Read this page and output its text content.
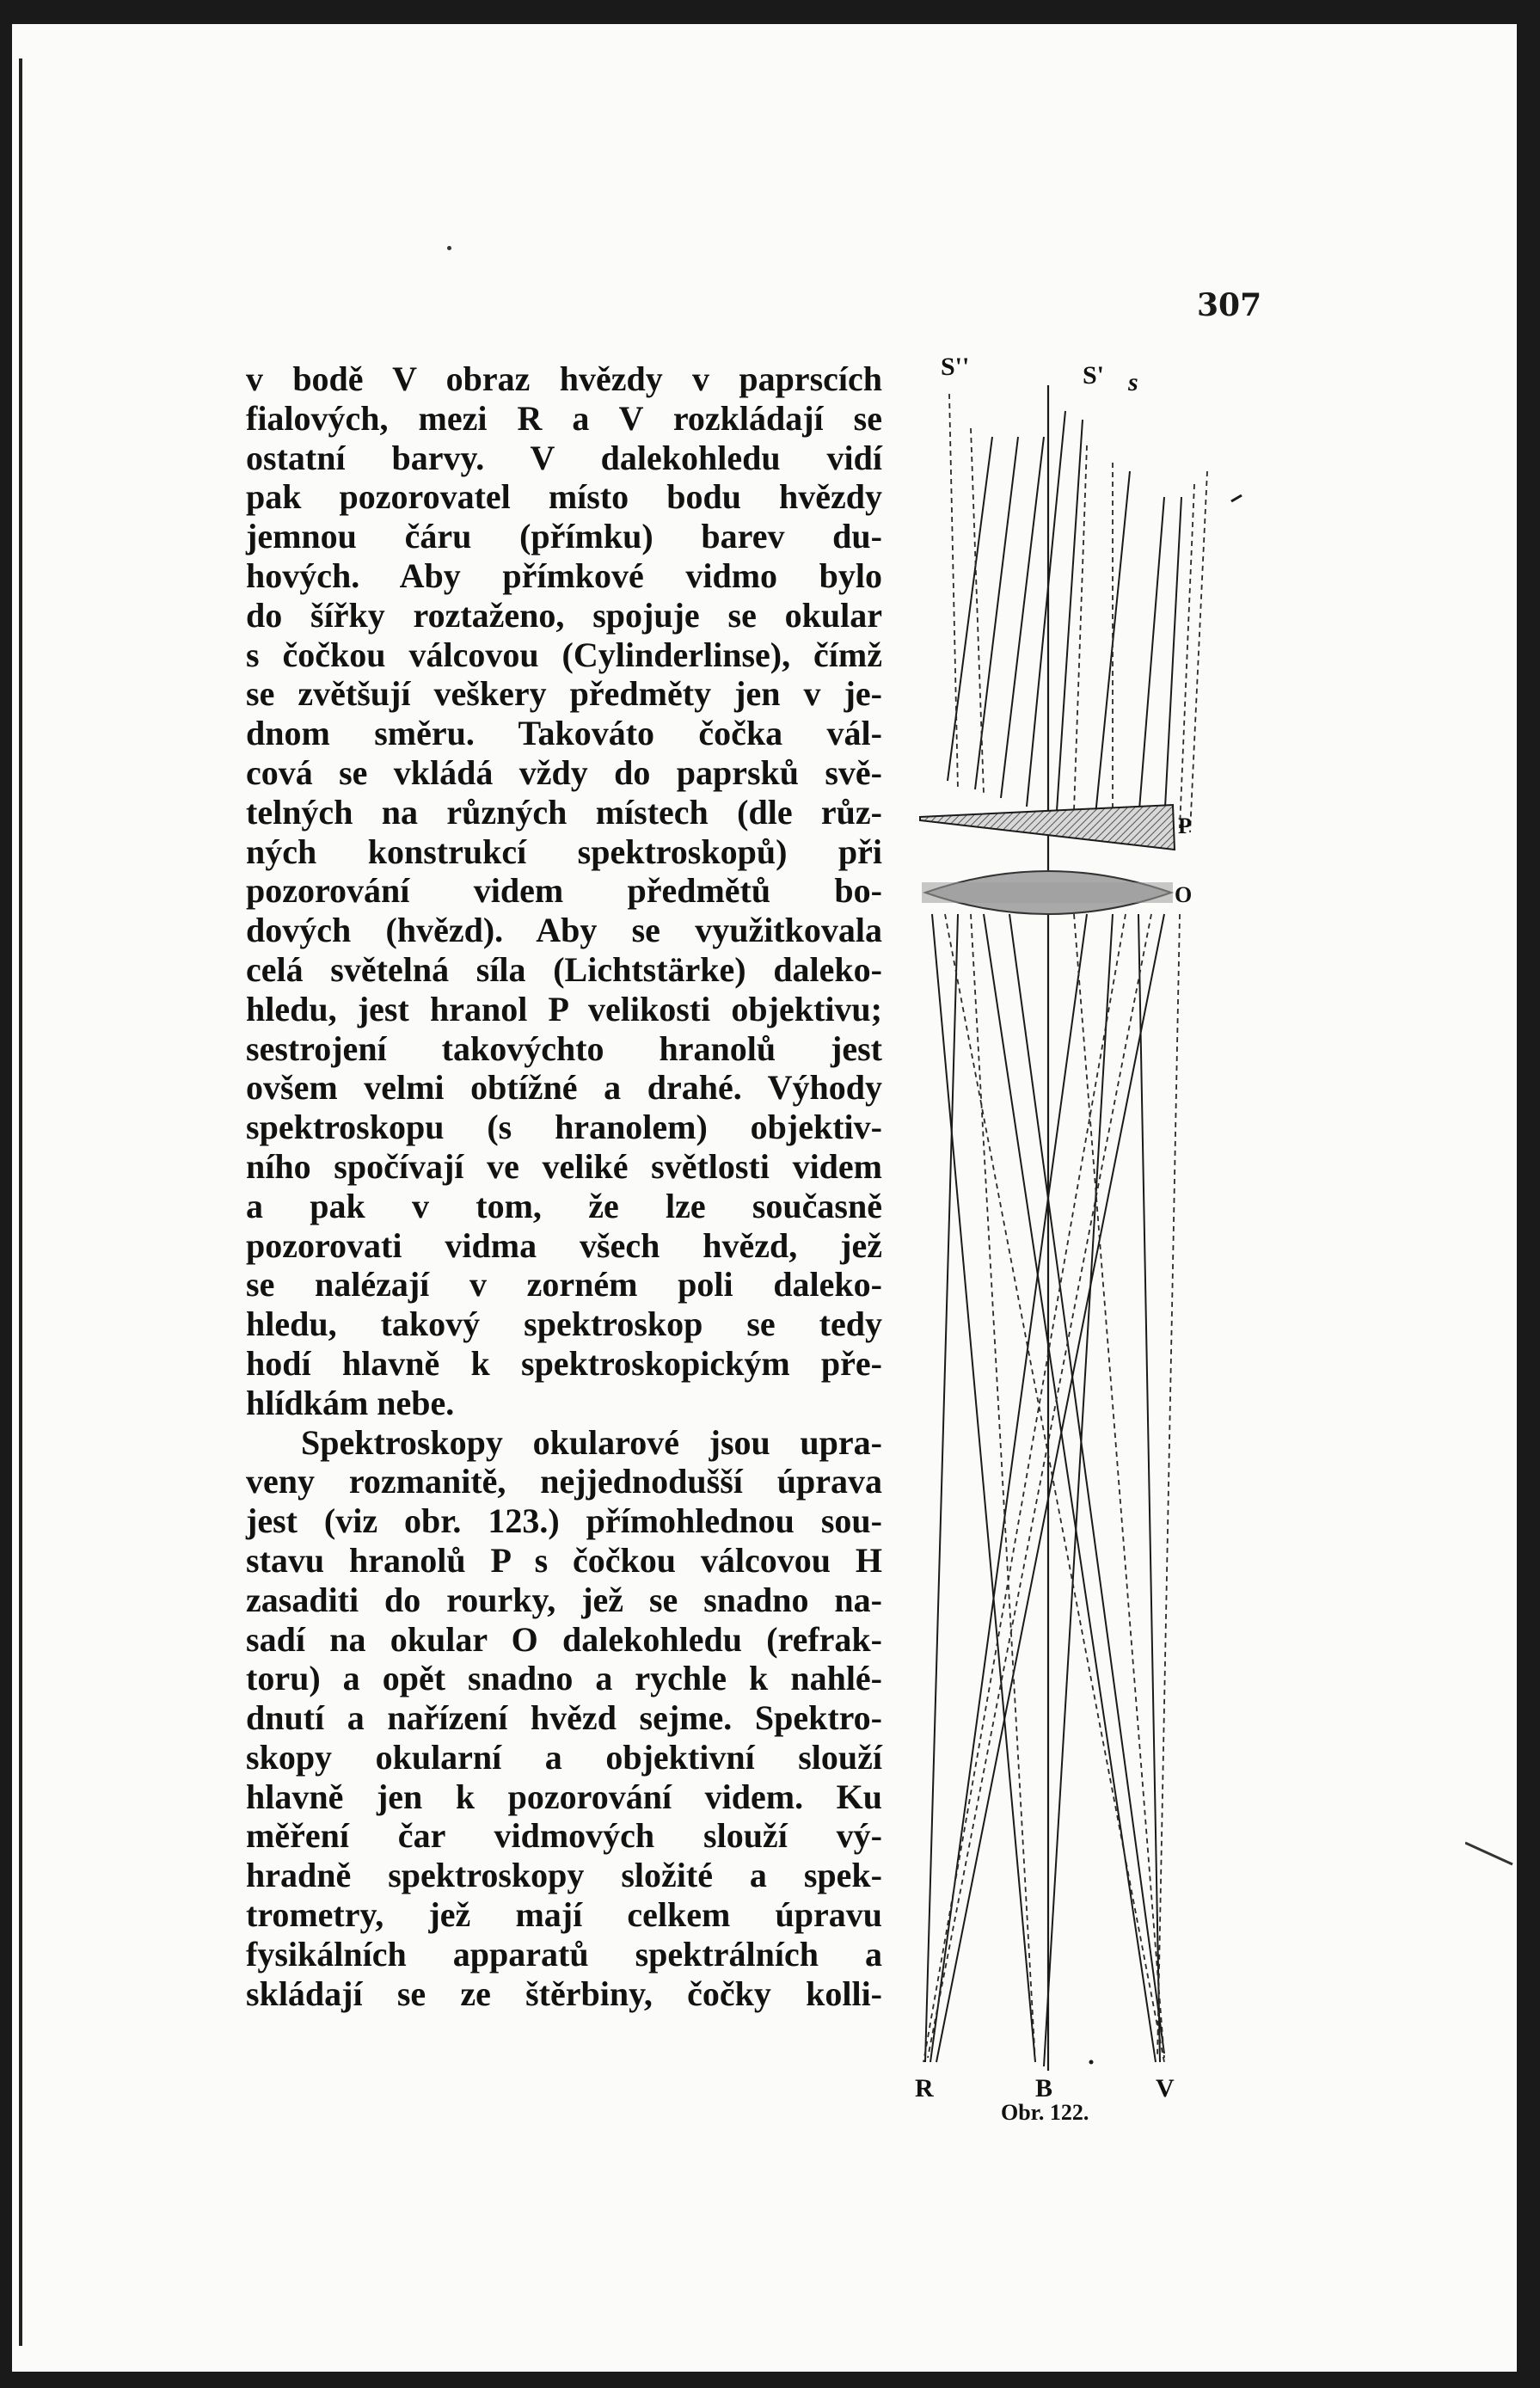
307
v bodě V obraz hvězdy v paprscích
fialových, mezi R a V rozkládají se
ostatní barvy. V dalekohledu vidí
pak pozorovatel místo bodu hvězdy
jemnou čáru (přímku) barev du-
hových. Aby přímkové vidmo bylo
do šířky roztaženo, spojuje se okular
s čočkou válcovou (Cylinderlinse), čímž
se zvětšují veškery předměty jen v je-
dnom směru. Takováto čočka vál-
cová se vkládá vždy do paprsků svě-
telných na různých místech (dle růz-
ných konstrukcí spektroskopů) při
pozorování videm předmětů bo-
dových (hvězd). Aby se využitkovala
celá světelná síla (Lichtstärke) daleko-
hledu, jest hranol P velikosti objektivu;
sestrojení takovýchto hranolů jest
ovšem velmi obtížné a drahé. Výhody
spektroskopu (s hranolem) objektiv-
ního spočívají ve veliké světlosti videm
a pak v tom, že lze současně
pozorovati vidma všech hvězd, jež
se nalézají v zorném poli daleko-
hledu, takový spektroskop se tedy
hodí hlavně k spektroskopickým pře-
hlídkám nebe.
Spektroskopy okularové jsou upra-
veny rozmanitě, nejjednodušší úprava
jest (viz obr. 123.) přímohlednou sou-
stavu hranolů P s čočkou válcovou H
zasaditi do rourky, jež se snadno na-
sadí na okular O dalekohledu (refrak-
toru) a opět snadno a rychle k nahlé-
dnutí a nařízení hvězd sejme. Spektro-
skopy okularní a objektivní slouží
hlavně jen k pozorování videm. Ku
měření čar vidmových slouží vý-
hradně spektroskopy složité a spek-
trometry, jež mají celkem úpravu
fysikálních apparatů spektrálních a
skládají se ze štěrbiny, čočky kolli-
S''	S' s
P
O
R	B	V
Obr. 122.
